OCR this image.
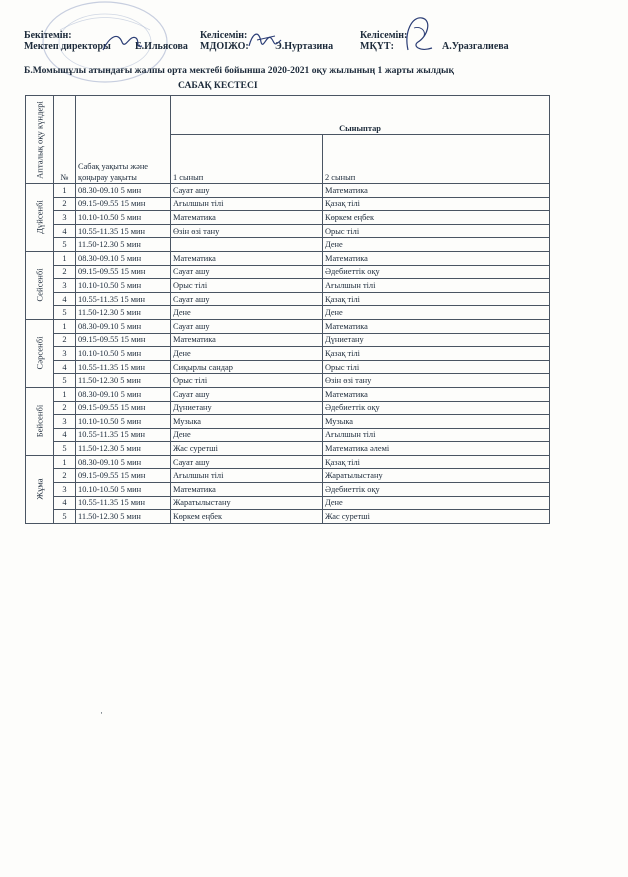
Бекітемін:
Мектеп директоры Е.Ильясова
Келісемін:
МДОІЖО:	Э.Нуртазина
Келісемін:
МҚҮТ:	А.Уразгалиева
Б.Момышұлы атындағы жалпы орта мектебі бойынша 2020-2021 оқу жылының 1 жарты жылдық
САБАҚ КЕСТЕСІ
Апталық оқу күндері	№	Сабақ уақыты және қоңырау уақыты	Сыныптар	
			1 сынып	2 сынып

Дүйсенбі	1	08.30-09.10 5 мин	Сауат ашу	Математика
	2	09.15-09.55 15 мин	Ағылшын тілі	Қазақ тілі
	3	10.10-10.50 5 мин	Математика	Көркем еңбек
	4	10.55-11.35 15 мин	Өзін өзі тану	Орыс тілі
	5	11.50-12.30 5 мин		Дене

Сейсенбі	1	08.30-09.10 5 мин	Математика	Математика
	2	09.15-09.55 15 мин	Сауат ашу	Әдебиеттік оқу
	3	10.10-10.50 5 мин	Орыс тілі	Ағылшын тілі
	4	10.55-11.35 15 мин	Сауат ашу	Қазақ тілі
	5	11.50-12.30 5 мин	Дене	Дене

Сәрсенбі	1	08.30-09.10 5 мин	Сауат ашу	Математика
	2	09.15-09.55 15 мин	Математика	Дүниетану
	3	10.10-10.50 5 мин	Дене	Қазақ тілі
	4	10.55-11.35 15 мин	Сиқырлы сандар	Орыс тілі
	5	11.50-12.30 5 мин	Орыс тілі	Өзін өзі тану

Бейсенбі	1	08.30-09.10 5 мин	Сауат ашу	Математика
	2	09.15-09.55 15 мин	Дүниетану	Әдебиеттік оқу
	3	10.10-10.50 5 мин	Музыка	Музыка
	4	10.55-11.35 15 мин	Дене	Ағылшын тілі
	5	11.50-12.30 5 мин	Жас суретші	Математика әлемі

Жұма	1	08.30-09.10 5 мин	Сауат ашу	Қазақ тілі
	2	09.15-09.55 15 мин	Ағылшын тілі	Жаратылыстану
	3	10.10-10.50 5 мин	Математика	Әдебиеттік оқу
	4	10.55-11.35 15 мин	Жаратылыстану	Дене
	5	11.50-12.30 5 мин	Көркем еңбек	Жас суретші
·
